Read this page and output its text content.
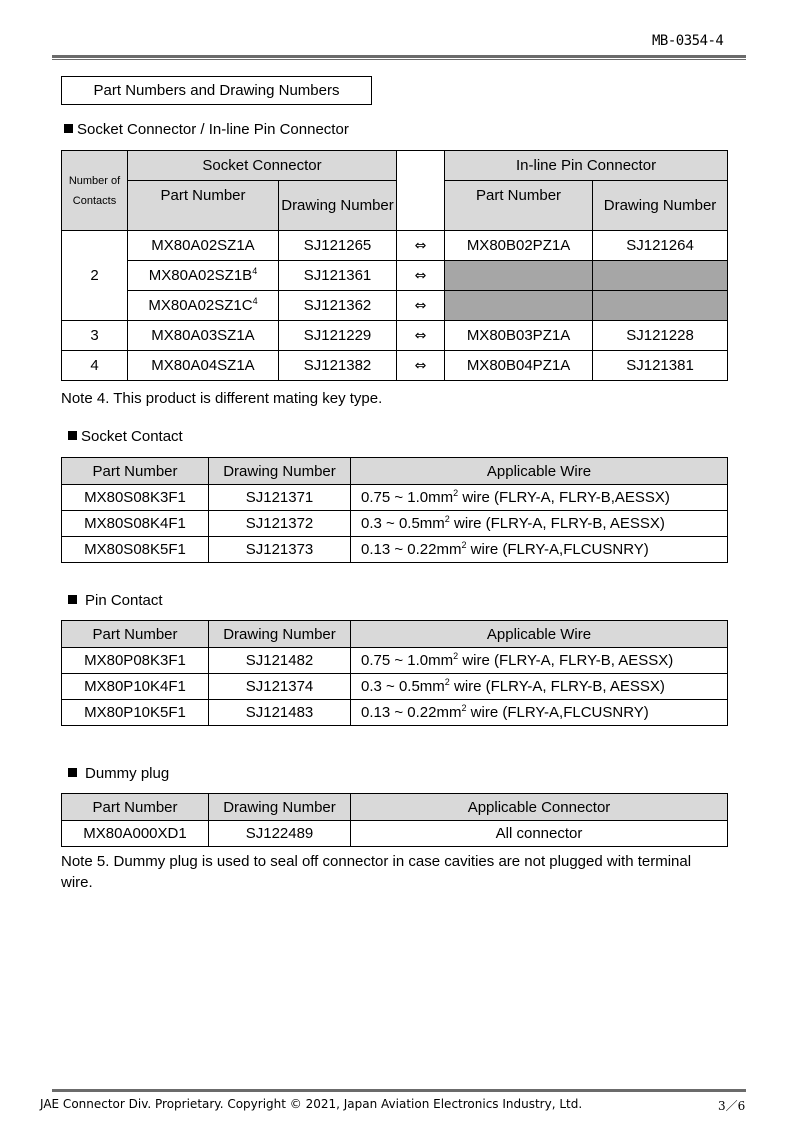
MB-0354-4
Part Numbers and Drawing Numbers
Socket Connector / In-line Pin Connector
Number of Contacts	Socket Connector			In-line Pin Connector	
	Part Number	Drawing Number		Part Number	Drawing Number
2	MX80A02SZ1A	SJ121265	⇔	MX80B02PZ1A	SJ121264
	$MX80A02SZ1B^4$	SJ121361	⇔		
	$MX80A02SZ1C^4$	SJ121362	⇔		
3	MX80A03SZ1A	SJ121229	⇔	MX80B03PZ1A	SJ121228
4	MX80A04SZ1A	SJ121382	⇔	MX80B04PZ1A	SJ121381
Note 4. This product is different mating key type.
Socket Contact
Part Number	Drawing Number	Applicable Wire
MX80S08K3F1	SJ121371	0.75 ~ $1.0mm^2$ wire (FLRY-A, FLRY-B,AESSX)
MX80S08K4F1	SJ121372	0.3 ~ $0.5mm^2$ wire (FLRY-A, FLRY-B, AESSX)
MX80S08K5F1	SJ121373	0.13 ~ $0.22mm^2$ wire (FLRY-A,FLCUSNRY)
Pin Contact
Part Number	Drawing Number	Applicable Wire
MX80P08K3F1	SJ121482	0.75 ~ $1.0mm^2$ wire (FLRY-A, FLRY-B, AESSX)
MX80P10K4F1	SJ121374	0.3 ~ $0.5mm^2$ wire (FLRY-A, FLRY-B, AESSX)
MX80P10K5F1	SJ121483	0.13 ~ $0.22mm^2$ wire (FLRY-A,FLCUSNRY)
Dummy plug
Part Number	Drawing Number	Applicable Connector
MX80A000XD1	SJ122489	All connector
Note 5. Dummy plug is used to seal off connector in case cavities are not plugged with terminal wire.
JAE Connector Div. Proprietary. Copyright © 2021, Japan Aviation Electronics Industry, Ltd.	3／6
